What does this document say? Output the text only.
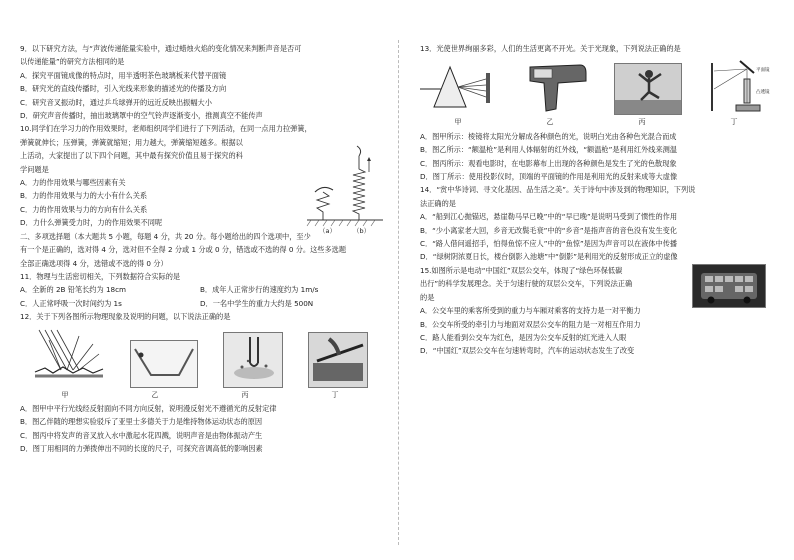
9．以下研究方法，与“声波传递能量实验中，通过蜡烛火焰的变化情况来判断声音是否可
以传递能量”的研究方法相同的是
A．探究平面镜成像的特点时，用半透明茶色玻璃板来代替平面镜
B．研究光的直线传播时，引入光线来形象的描述光的传播及方向
C．研究音叉振动时，通过乒乓球弹开的远近反映出振幅大小
D．研究声音传播时，抽出玻璃罩中的空气铃声逐渐变小，推测真空不能传声
10.同学们在学习力的作用效果时，老师组织同学们进行了下列活动，在同一点用力拉弹簧，
弹簧就伸长；压弹簧，弹簧就缩短；用力越大，弹簧缩短越多。根据以
上活动，大家提出了以下四个问题，其中最有探究价值且易于探究的科
学问题是
A．力的作用效果与哪些因素有关
B．力的作用效果与力的大小有什么关系
C．力的作用效果与力的方向有什么关系
D．力什么弹簧受力时，力的作用效果不同呢
（a）	（b）
二、多项选择题（本大题共 5 小题，每题 4 分，共 20 分。每小题给出的四个选项中，至少
有一个是正确的，选对得 4 分，选对但不全得 2 分或 1 分或 0 分，错选或不选的得 0 分。这些多选题
全部正确选项得 4 分，选错或不选的得 0 分）
11．物理与生活密切相关，下列数据符合实际的是
A．全新的 2B 铅笔长约为 18cm	B．成年人正常步行的速度约为 1m/s
C．人正常呼吸一次时间约为 1s	D．一名中学生的重力大约是 500N
12．关于下列各图所示物理现象及说明的问题，以下说法正确的是
甲	乙	丙	丁
A．图甲中平行光线经反射面向不同方向反射，说明漫反射光不遵循光的反射定律
B．图乙伴随的理想实验驳斥了亚里士多德关于力是维持物体运动状态的原因
C．图丙中将发声的音叉放入水中激起水花四溅，说明声音是由物体振动产生
D．图丁用相同的力弹拨伸出不同的长度的尺子，可探究音调高低的影响因素
13．光使世界绚丽多彩，人们的生活更离不开光。关于光现象，下列说法正确的是
平面镜
凸透镜
甲	乙	丙	丁
A．图甲所示：棱镜将太阳光分解成各种颜色的光，说明白光由各种色光混合而成
B．图乙所示：“额温枪”是利用人体辐射的红外线，“额温枪”是利用红外线来测温
C．图丙所示：观看电影时，在电影幕布上出现的各种颜色是发生了光的色散现象
D．图丁所示：使用投影仪时，顶端的平面镜的作用是利用光的反射来成等大虚像
14．“赏中华诗词、寻文化基因、品生活之美”。关于诗句中涉及到的物理知识，下列说
法正确的是
A．“船到江心抛锚迟，悬崖勒马早已晚”中的“早已晚”是说明马受到了惯性的作用
B．“少小离家老大回，乡音无改鬓毛衰”中的“乡音”是指声音的音色没有发生变化
C．“路人借问遥招手，怕得鱼惊不应人”中的“鱼惊”是因为声音可以在液体中传播
D．“绿树阴浓夏日长，楼台倒影入池塘”中“倒影”是利用光的反射形成正立的虚像
15.如图所示是电动“中国红”双层公交车，体现了“绿色环保低碳
出行”的科学发展理念。关于匀速行驶的双层公交车，下列说法正确
的是
A．公交车里的乘客所受到的重力与车厢对乘客的支持力是一对平衡力
B．公交车所受的牵引力与地面对双层公交车的阻力是一对相互作用力
C．路人能看到公交车为红色，是因为公交车反射的红光进入人眼
D．“中国红”双层公交车在匀速转弯时，汽车的运动状态发生了改变
